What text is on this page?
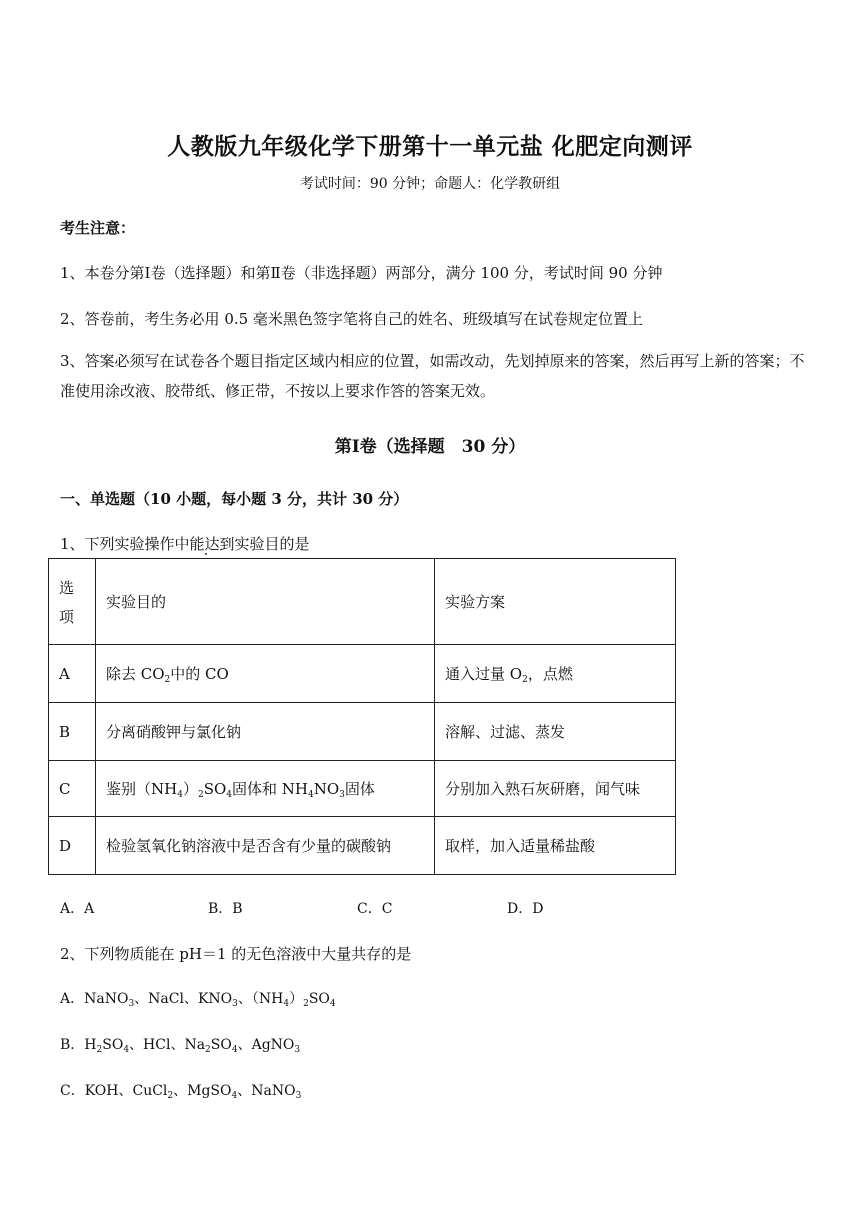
人教版九年级化学下册第十一单元盐 化肥定向测评
考试时间：90 分钟；命题人：化学教研组
考生注意：
1、本卷分第Ⅰ卷（选择题）和第Ⅱ卷（非选择题）两部分，满分 100 分，考试时间 90 分钟
2、答卷前，考生务必用 0.5 毫米黑色签字笔将自己的姓名、班级填写在试卷规定位置上
3、答案必须写在试卷各个题目指定区域内相应的位置，如需改动，先划掉原来的答案，然后再写上新的答案；不准使用涂改液、胶带纸、修正带，不按以上要求作答的答案无效。
第Ⅰ卷（选择题　30 分）
一、单选题（10 小题，每小题 3 分，共计 30 分）
1、下列实验操作中能达到实验目的是
选
项	实验目的	实验方案
A	除去 $CO_2$中的 CO	通入过量 $O_2$，点燃
B	分离硝酸钾与氯化钠	溶解、过滤、蒸发
C	鉴别$(NH_4)_2SO_4$固体和 $NH_4NO_3$固体	分别加入熟石灰研磨，闻气味
D	检验氢氧化钠溶液中是否含有少量的碳酸钠	取样，加入适量稀盐酸
A．A	B．B	C．C	D．D
2、下列物质能在 pH＝1 的无色溶液中大量共存的是
A．NaNO$_3$、NaCl、$KNO_3$、$(NH_4)_2SO_4$
B．$H_2SO_4$、HCl、$Na_2SO_4$、AgNO$_3$
C．KOH、CuCl$_2$、MgSO$_4$、NaNO$_3$
